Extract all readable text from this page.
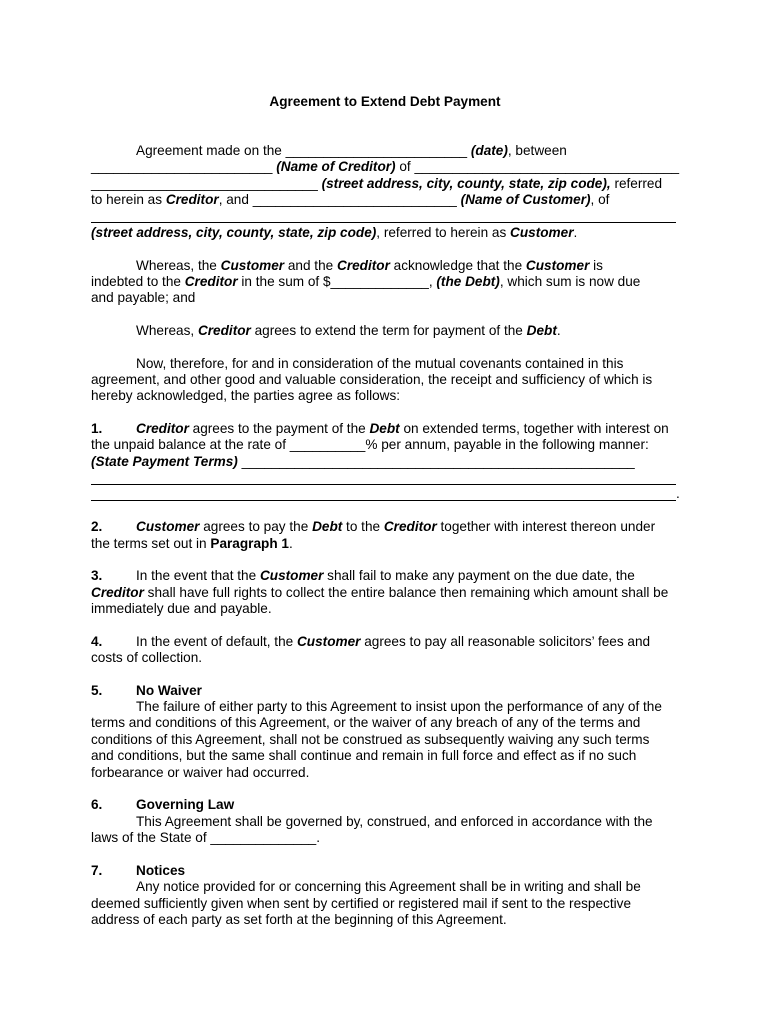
Agreement to Extend Debt Payment
Agreement made on the ________________________ (date), between
________________________ (Name of Creditor) of ___________________________________
______________________________ (street address, city, county, state, zip code), referred
to herein as Creditor, and ___________________________ (Name of Customer), of
(street address, city, county, state, zip code), referred to herein as Customer.
Whereas, the Customer and the Creditor acknowledge that the Customer is
indebted to the Creditor in the sum of $_____________, (the Debt), which sum is now due
and payable; and
Whereas, Creditor agrees to extend the term for payment of the Debt.
Now, therefore, for and in consideration of the mutual covenants contained in this
agreement, and other good and valuable consideration, the receipt and sufficiency of which is
hereby acknowledged, the parties agree as follows:
1. Creditor agrees to the payment of the Debt on extended terms, together with interest on
the unpaid balance at the rate of __________% per annum, payable in the following manner:
(State Payment Terms) ____________________________________________________
.
2. Customer agrees to pay the Debt to the Creditor together with interest thereon under
the terms set out in Paragraph 1.
3. In the event that the Customer shall fail to make any payment on the due date, the
Creditor shall have full rights to collect the entire balance then remaining which amount shall be
immediately due and payable.
4. In the event of default, the Customer agrees to pay all reasonable solicitors’ fees and
costs of collection.
5. No Waiver
The failure of either party to this Agreement to insist upon the performance of any of the
terms and conditions of this Agreement, or the waiver of any breach of any of the terms and
conditions of this Agreement, shall not be construed as subsequently waiving any such terms
and conditions, but the same shall continue and remain in full force and effect as if no such
forbearance or waiver had occurred.
6. Governing Law
This Agreement shall be governed by, construed, and enforced in accordance with the
laws of the State of ______________.
7. Notices
Any notice provided for or concerning this Agreement shall be in writing and shall be
deemed sufficiently given when sent by certified or registered mail if sent to the respective
address of each party as set forth at the beginning of this Agreement.
